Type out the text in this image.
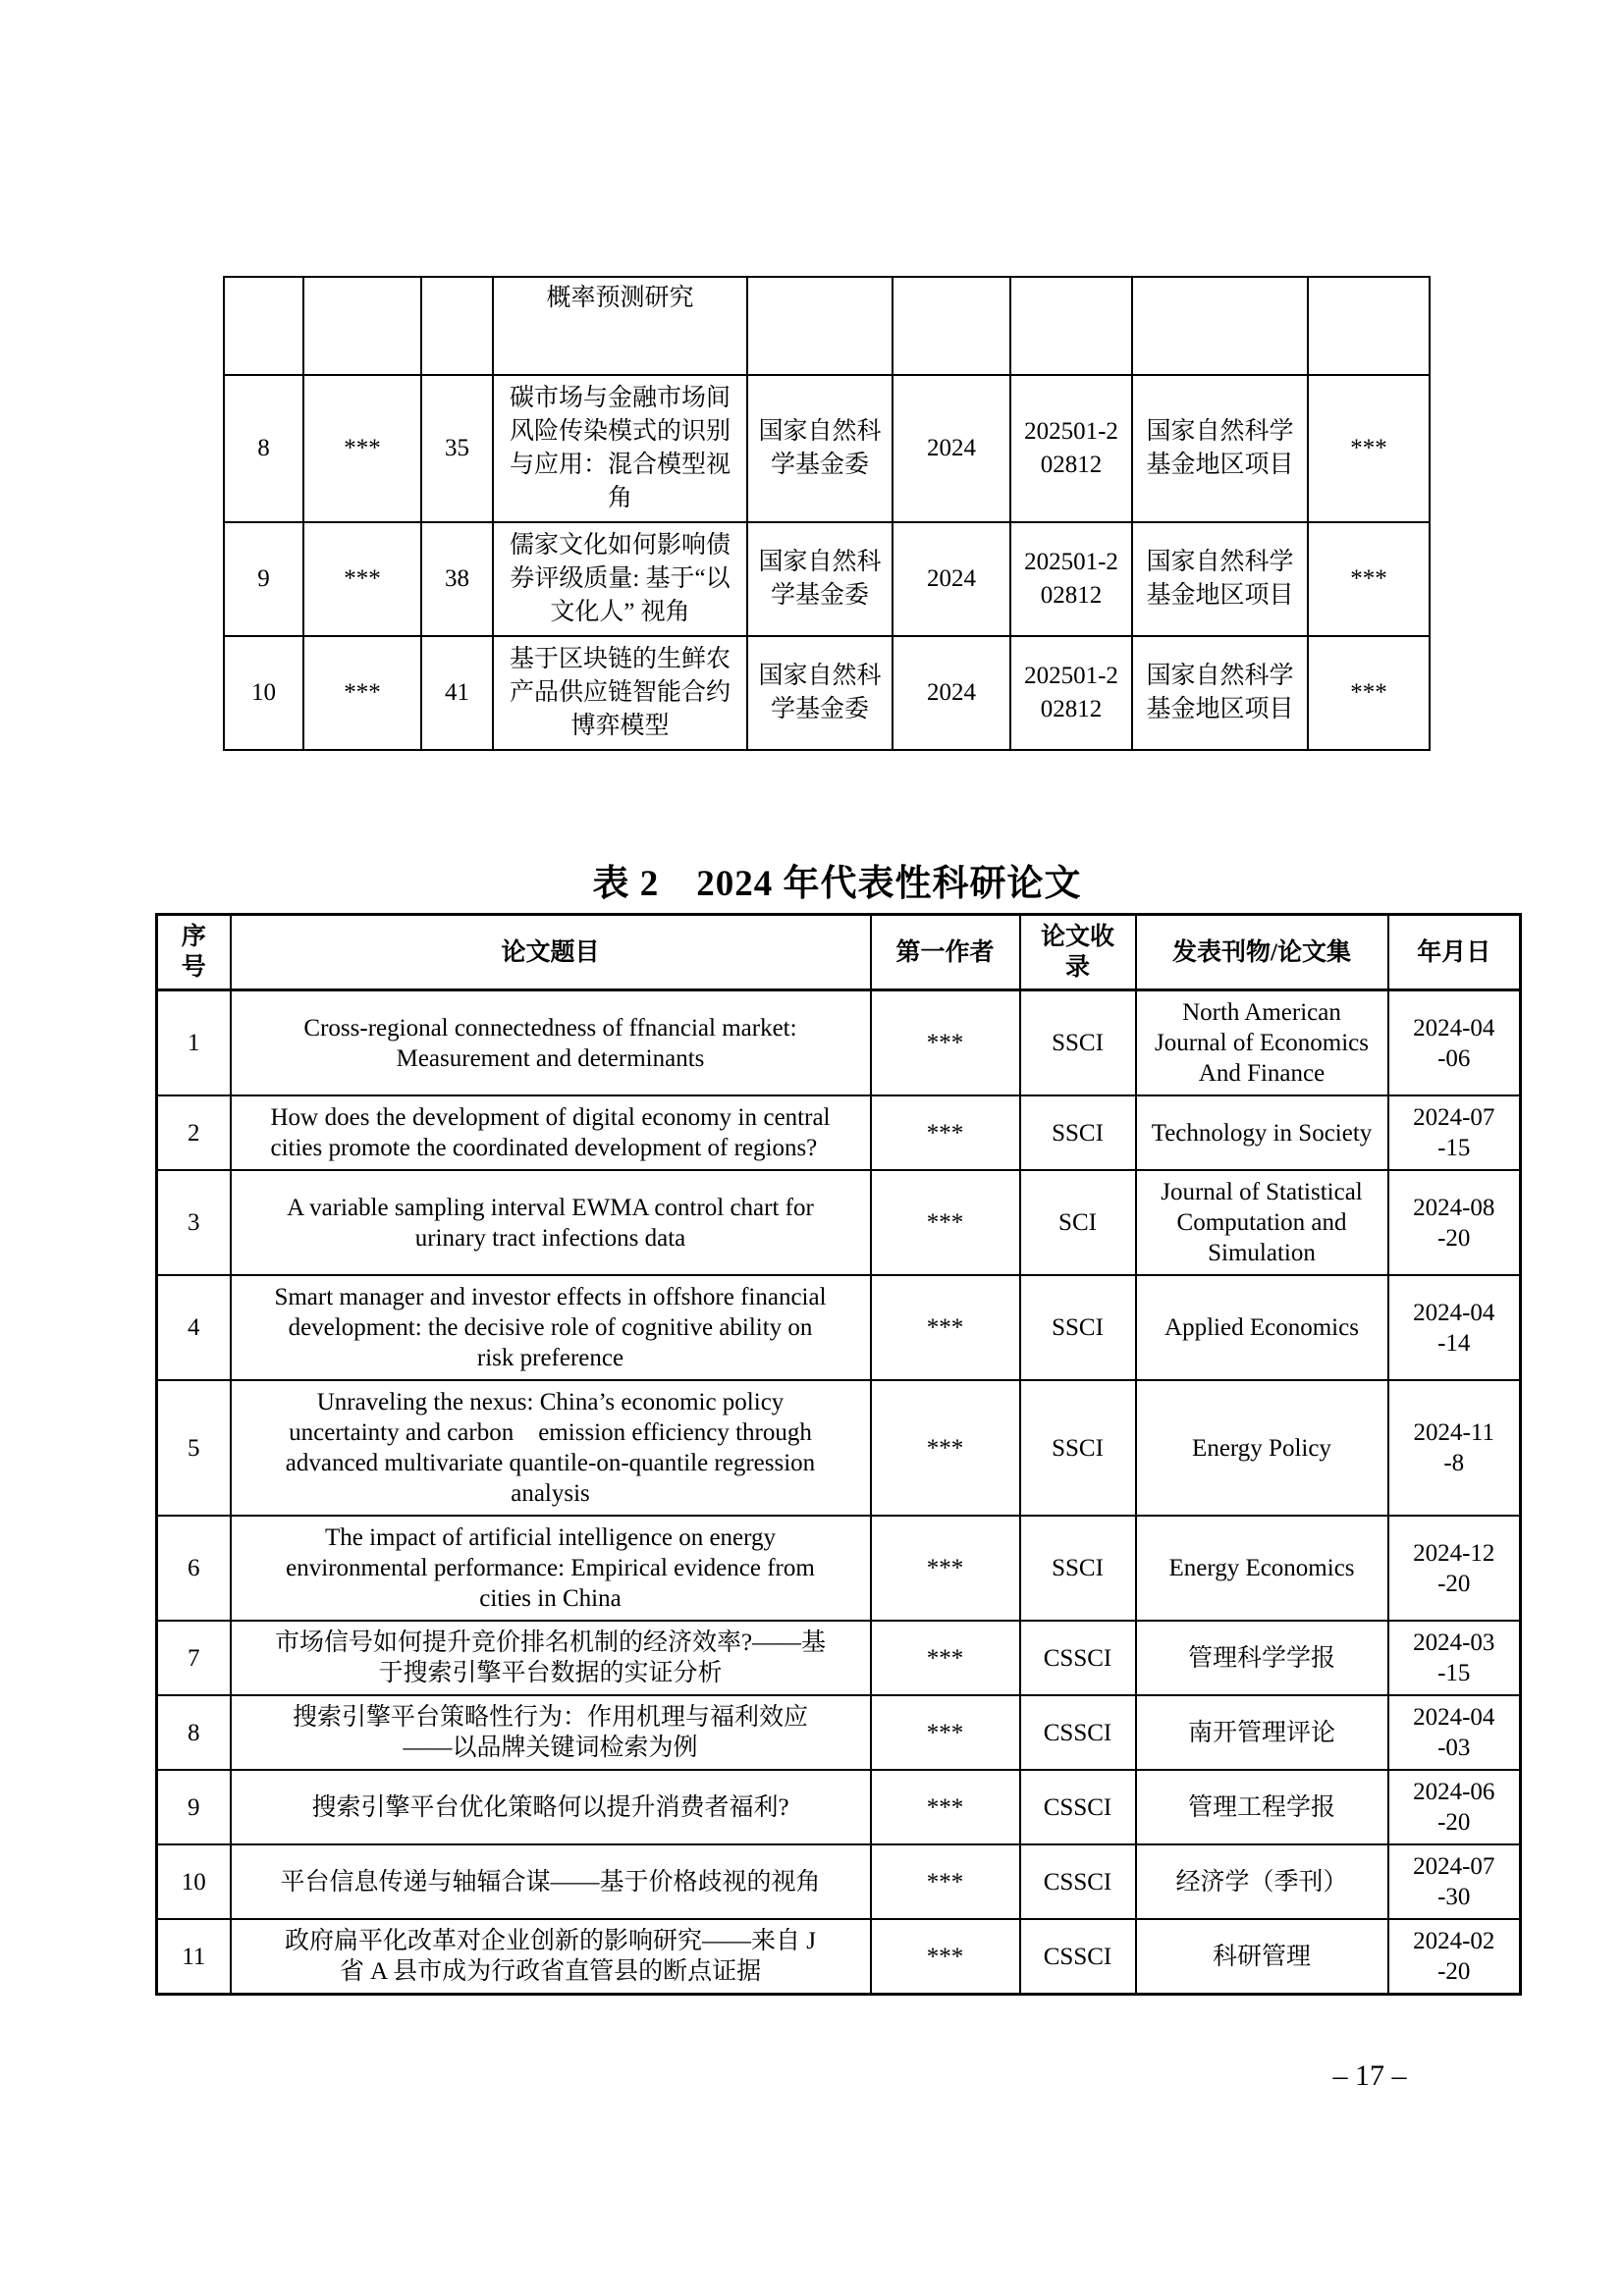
			概率预测研究					
8	***	35	碳市场与金融市场间风险传染模式的识别与应用：混合模型视角	国家自然科学基金委	2024	202501-202812	国家自然科学基金地区项目	***
9	***	38	儒家文化如何影响债券评级质量: 基于“以文化人” 视角	国家自然科学基金委	2024	202501-202812	国家自然科学基金地区项目	***
10	***	41	基于区块链的生鲜农产品供应链智能合约博弈模型	国家自然科学基金委	2024	202501-202812	国家自然科学基金地区项目	***
表 2　2024 年代表性科研论文
序号	论文题目	第一作者	论文收录	发表刊物/论文集	年月日
1	Cross-regional connectedness of ffnancial market: Measurement and determinants	***	SSCI	North American Journal of Economics And Finance	2024-04
-06
2	How does the development of digital economy in central cities promote the coordinated development of regions?	***	SSCI	Technology in Society	2024-07
-15
3	A variable sampling interval EWMA control chart for urinary tract infections data	***	SCI	Journal of Statistical Computation and Simulation	2024-08
-20
4	Smart manager and investor effects in offshore financial development: the decisive role of cognitive ability on risk preference	***	SSCI	Applied Economics	2024-04
-14
5	Unraveling the nexus: China’s economic policy uncertainty and carbon　emission efficiency through advanced multivariate quantile-on-quantile regression analysis	***	SSCI	Energy Policy	2024-11
-8
6	The impact of artificial intelligence on energy environmental performance: Empirical evidence from cities in China	***	SSCI	Energy Economics	2024-12
-20
7	市场信号如何提升竞价排名机制的经济效率?——基于搜索引擎平台数据的实证分析	***	CSSCI	管理科学学报	2024-03
-15
8	搜索引擎平台策略性行为：作用机理与福利效应——以品牌关键词检索为例	***	CSSCI	南开管理评论	2024-04
-03
9	搜索引擎平台优化策略何以提升消费者福利?	***	CSSCI	管理工程学报	2024-06
-20
10	平台信息传递与轴辐合谋——基于价格歧视的视角	***	CSSCI	经济学（季刊）	2024-07
-30
11	政府扁平化改革对企业创新的影响研究——来自 J 省 A 县市成为行政省直管县的断点证据	***	CSSCI	科研管理	2024-02
-20
– 17 –
